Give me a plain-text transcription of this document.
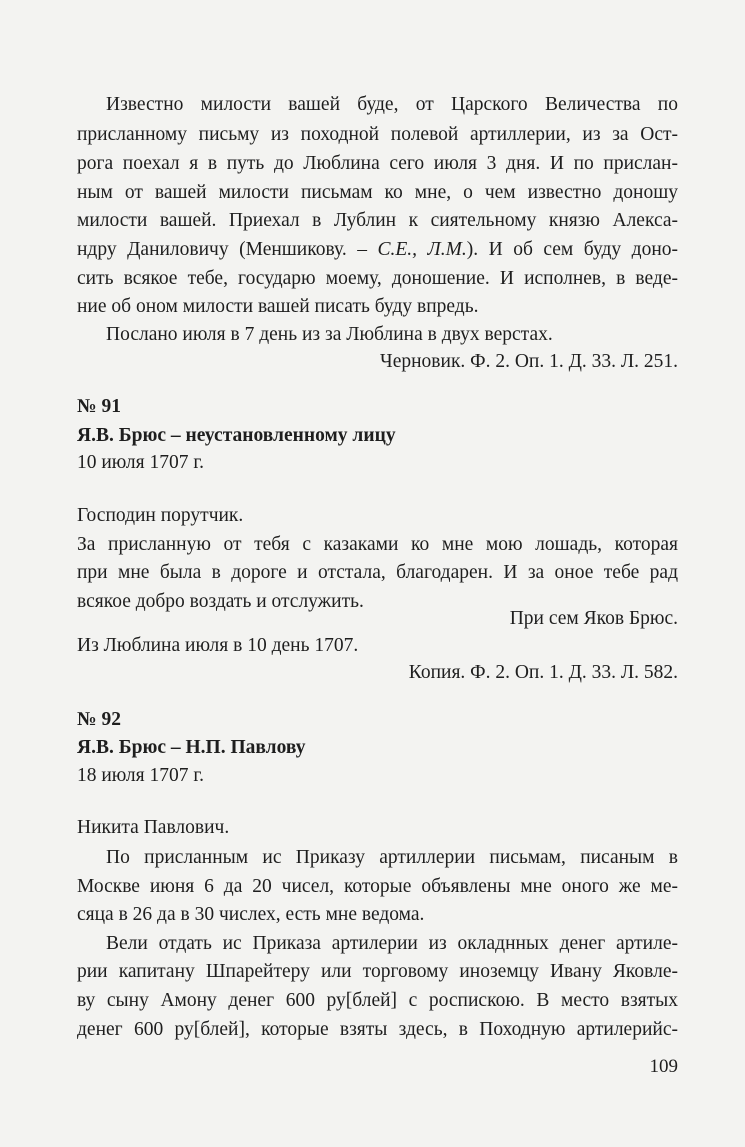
Известно милости вашей буде, от Царского Величества по
присланному письму из походной полевой артиллерии, из за Ост-
рога поехал я в путь до Люблина сего июля 3 дня. И по прислан-
ным от вашей милости письмам ко мне, о чем известно доношу
милости вашей. Приехал в Лублин к сиятельному князю Алекса-
ндру Даниловичу (Меншикову. – С.Е., Л.М.). И об сем буду доно-
сить всякое тебе, государю моему, доношение. И исполнев, в веде-
ние об оном милости вашей писать буду впредь.
Послано июля в 7 день из за Люблина в двух верстах.
Черновик. Ф. 2. Оп. 1. Д. 33. Л. 251.
№ 91
Я.В. Брюс – неустановленному лицу
10 июля 1707 г.
Господин порутчик.
За присланную от тебя с казаками ко мне мою лошадь, которая
при мне была в дороге и отстала, благодарен. И за оное тебе рад
всякое добро воздать и отслужить.
При сем Яков Брюс.
Из Люблина июля в 10 день 1707.
Копия. Ф. 2. Оп. 1. Д. 33. Л. 582.
№ 92
Я.В. Брюс – Н.П. Павлову
18 июля 1707 г.
Никита Павлович.
По присланным ис Приказу артиллерии письмам, писаным в
Москве июня 6 да 20 чисел, которые объявлены мне оного же ме-
сяца в 26 да в 30 числех, есть мне ведома.
Вели отдать ис Приказа артилерии из окладнных денег артиле-
рии капитану Шпарейтеру или торговому иноземцу Ивану Яковле-
ву сыну Амону денег 600 ру[блей] с роспискою. В место взятых
денег 600 ру[блей], которые взяты здесь, в Походную артилерийс-
109
